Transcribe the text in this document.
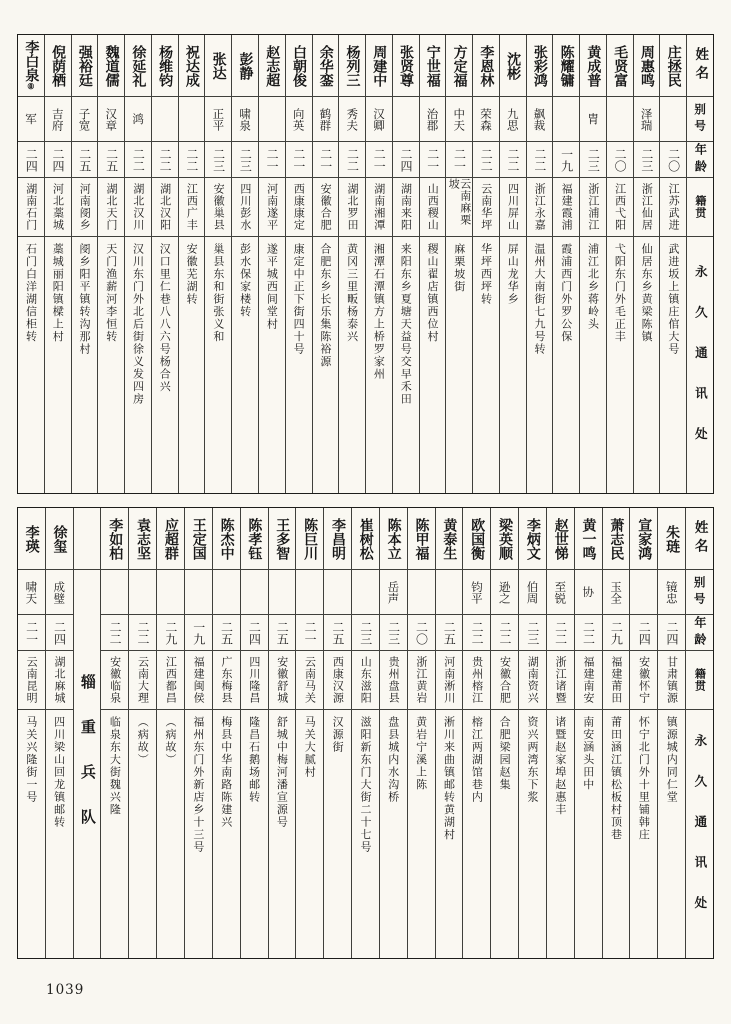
姓名
别号
年龄
籍贯
永久通讯处
庄拯民
二〇
江苏武进
武进坂上镇庄倌大号
周惠鸣
泽瑞
二三
浙江仙居
仙居东乡黄梁陈镇
毛贤富
二〇
江西弋阳
弋阳东门外毛正丰
黄成普
胄
二三
浙江浦江
浦江北乡蒋岭头
陈耀镛
一九
福建霞浦
霞浦西门外罗公保
张彩鸿
飙裁
二二
浙江永嘉
温州大南街七九号转
沈彬
九思
二二
四川屏山
屏山龙华乡
李恩林
荣森
二二
云南华坪
华坪西坪转
方定福
中天
二一
云南麻栗坡
麻栗坡街
宁世福
治郡
二一
山西稷山
稷山翟店镇西位村
张贤尊
二四
湖南来阳
来阳东乡夏塘天益号交早禾田
周建中
汉卿
二一
湖南湘潭
湘潭石潭镇方上桥罗家州
杨列三
秀夫
二二
湖北罗田
黄冈三里畈杨泰兴
余华銮
鹤群
二一
安徽合肥
合肥东乡长乐集陈裕源
白朝俊
向英
二一
西康康定
康定中正下街四十号
赵志超
二一
河南遂平
遂平城西间堂村
彭静
啸泉
二三
四川彭水
彭水保家楼转
张达
正平
二三
安徽巢县
巢县东和街张义和
祝达成
二二
江西广丰
安徽芜湖转
杨维钧
二二
湖北汉阳
汉口里仁巷八八六号杨合兴
徐延礼
鸿
二二
湖北汉川
汉川东门外北后街徐义发四房
魏道儒
汉章
二五
湖北天门
天门渔薪河李恒转
强裕廷
子宽
二五
河南阌乡
阌乡阳平镇转沟那村
倪荫栖
吉府
二四
河北藁城
藁城丽阳镇樑上村
李白泉⑧
军
二四
湖南石门
石门白洋湖信柜转
姓名
别号
年龄
籍贯
永久通讯处
朱琏
镜忠
二四
甘肃镇源
镇源城内同仁堂
宣家鸿
二四
安徽怀宁
怀宁北门外十里铺韩庄
萧志民
玉全
二九
福建莆田
莆田涵江镇松板村顶巷
黄一鸣
协
二二
福建南安
南安涵头田中
赵世悌
至锐
二二
浙江诸暨
诸暨赵家埠赵惠丰
李炳文
伯周
二三
湖南资兴
资兴两湾东下浆
梁英顺
逊之
二二
安徽合肥
合肥梁园赵集
欧国衡
钧平
二二
贵州榕江
榕江两湖馆巷内
黄泰生
二五
河南淅川
淅川来曲镇邮转黄湖村
陈甲福
二〇
浙江黄岩
黄岩宁溪上陈
陈本立
岳声
二三
贵州盘县
盘县城内水沟桥
崔树松
二三
山东滋阳
滋阳新东门大街二十七号
李昌明
二五
西康汉源
汉源街
陈巨川
二一
云南马关
马关大腻村
王多智
二五
安徽舒城
舒城中梅河潘宣源号
陈孝钰
二四
四川隆昌
隆昌石鹅场邮转
陈杰中
二五
广东梅县
梅县中华南路陈建兴
王定国
一九
福建闽侯
福州东门外新店乡十三号
应超群
二九
江西都昌
（病故）
袁志坚
二二
云南大理
（病故）
李如柏
二二
安徽临泉
临泉东大街魏兴隆
辎重兵队
徐玺
成璧
二四
湖北麻城
四川梁山回龙镇邮转
李瑛
啸天
二一
云南昆明
马关兴隆街一号
1039
